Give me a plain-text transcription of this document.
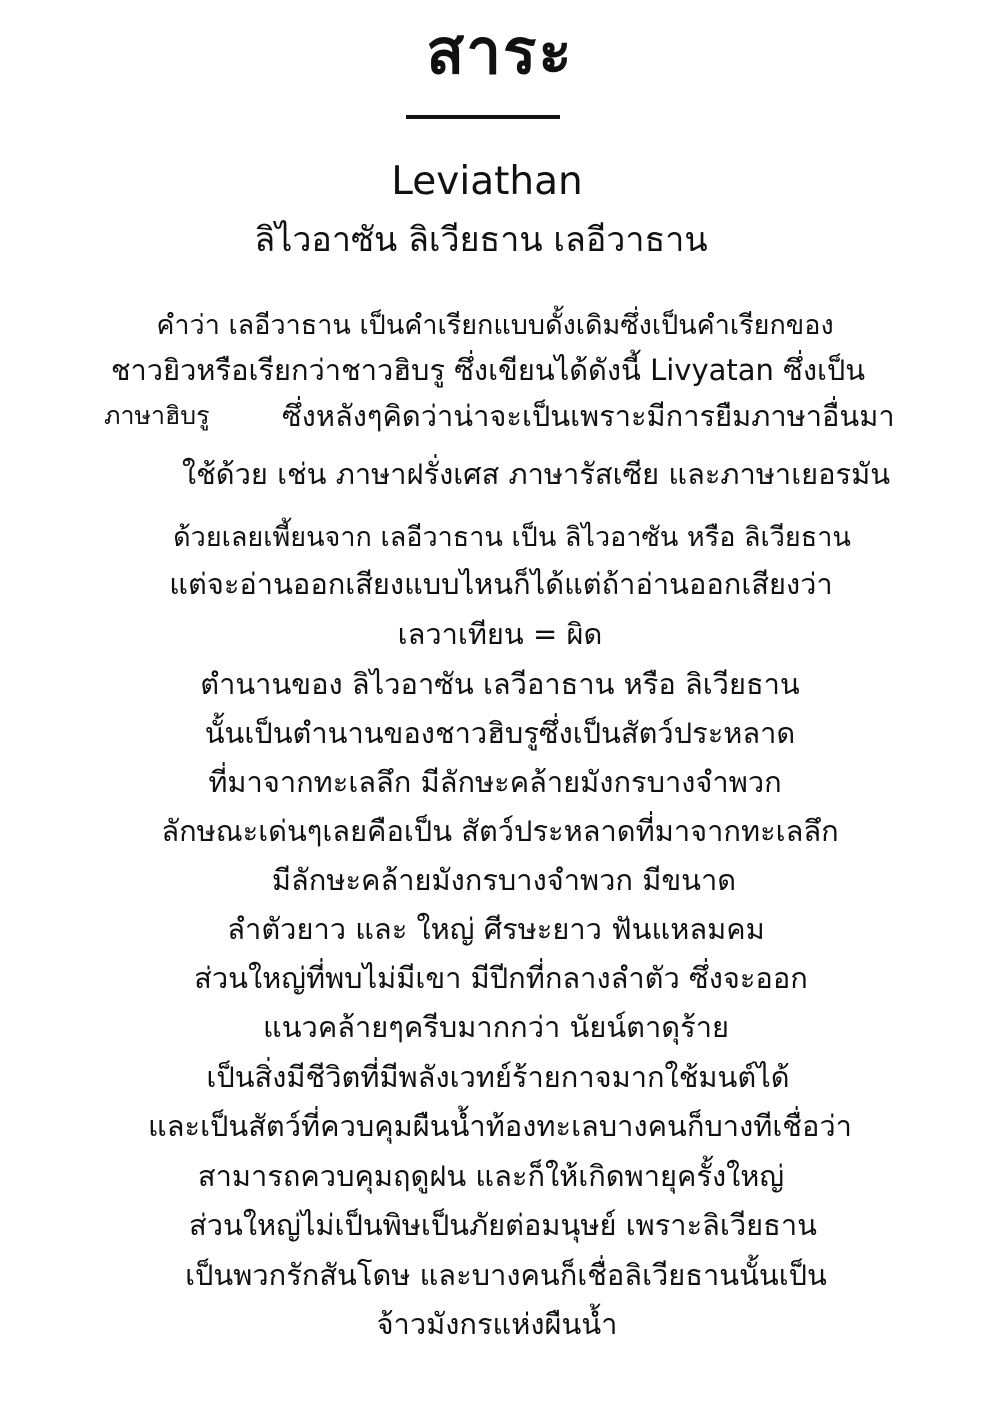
สาระ
Leviathan
ลิไวอาซัน ลิเวียธาน เลอีวาธาน
คำว่า เลอีวาธาน เป็นคำเรียกแบบดั้งเดิมซึ่งเป็นคำเรียกของ
ชาวยิวหรือเรียกว่าชาวฮิบรู ซึ่งเขียนได้ดังนี้ Livyatan ซึ่งเป็น
ภาษาฮิบรู	ซึ่งหลังๆคิดว่าน่าจะเป็นเพราะมีการยืมภาษาอื่นมา
ใช้ด้วย เช่น ภาษาฝรั่งเศส ภาษารัสเซีย และภาษาเยอรมัน
ด้วยเลยเพี้ยนจาก เลอีวาธาน เป็น ลิไวอาซัน หรือ ลิเวียธาน
แต่จะอ่านออกเสียงแบบไหนก็ได้แต่ถ้าอ่านออกเสียงว่า
เลวาเทียน = ผิด
ตำนานของ ลิไวอาซัน เลวีอาธาน หรือ ลิเวียธาน
นั้นเป็นตำนานของชาวฮิบรูซึ่งเป็นสัตว์ประหลาด
ที่มาจากทะเลลึก มีลักษะคล้ายมังกรบางจำพวก
ลักษณะเด่นๆเลยคือเป็น สัตว์ประหลาดที่มาจากทะเลลึก
มีลักษะคล้ายมังกรบางจำพวก มีขนาด
ลำตัวยาว และ ใหญ่ ศีรษะยาว ฟันแหลมคม
ส่วนใหญ่ที่พบไม่มีเขา มีปีกที่กลางลำตัว ซึ่งจะออก
แนวคล้ายๆครีบมากกว่า นัยน์ตาดุร้าย
เป็นสิ่งมีชีวิตที่มีพลังเวทย์ร้ายกาจมากใช้มนต์ได้
และเป็นสัตว์ที่ควบคุมผืนน้ำท้องทะเลบางคนก็บางทีเชื่อว่า
สามารถควบคุมฤดูฝน และก็ให้เกิดพายุครั้งใหญ่
ส่วนใหญ่ไม่เป็นพิษเป็นภัยต่อมนุษย์ เพราะลิเวียธาน
เป็นพวกรักสันโดษ และบางคนก็เชื่อลิเวียธานนั้นเป็น
จ้าวมังกรแห่งผืนน้ำ
